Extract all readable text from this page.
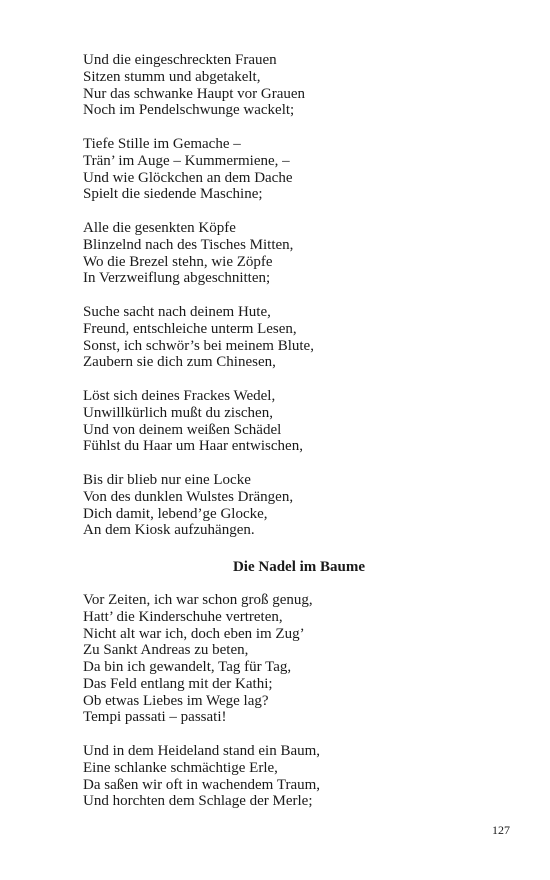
Und die eingeschreckten Frauen
Sitzen stumm und abgetakelt,
Nur das schwanke Haupt vor Grauen
Noch im Pendelschwunge wackelt;
Tiefe Stille im Gemache –
Trän’ im Auge – Kummermiene, –
Und wie Glöckchen an dem Dache
Spielt die siedende Maschine;
Alle die gesenkten Köpfe
Blinzelnd nach des Tisches Mitten,
Wo die Brezel stehn, wie Zöpfe
In Verzweiflung abgeschnitten;
Suche sacht nach deinem Hute,
Freund, entschleiche unterm Lesen,
Sonst, ich schwör’s bei meinem Blute,
Zaubern sie dich zum Chinesen,
Löst sich deines Frackes Wedel,
Unwillkürlich mußt du zischen,
Und von deinem weißen Schädel
Fühlst du Haar um Haar entwischen,
Bis dir blieb nur eine Locke
Von des dunklen Wulstes Drängen,
Dich damit, lebend’ge Glocke,
An dem Kiosk aufzuhängen.
Die Nadel im Baume
Vor Zeiten, ich war schon groß genug,
Hatt’ die Kinderschuhe vertreten,
Nicht alt war ich, doch eben im Zug’
Zu Sankt Andreas zu beten,
Da bin ich gewandelt, Tag für Tag,
Das Feld entlang mit der Kathi;
Ob etwas Liebes im Wege lag?
Tempi passati – passati!
Und in dem Heideland stand ein Baum,
Eine schlanke schmächtige Erle,
Da saßen wir oft in wachendem Traum,
Und horchten dem Schlage der Merle;
127
